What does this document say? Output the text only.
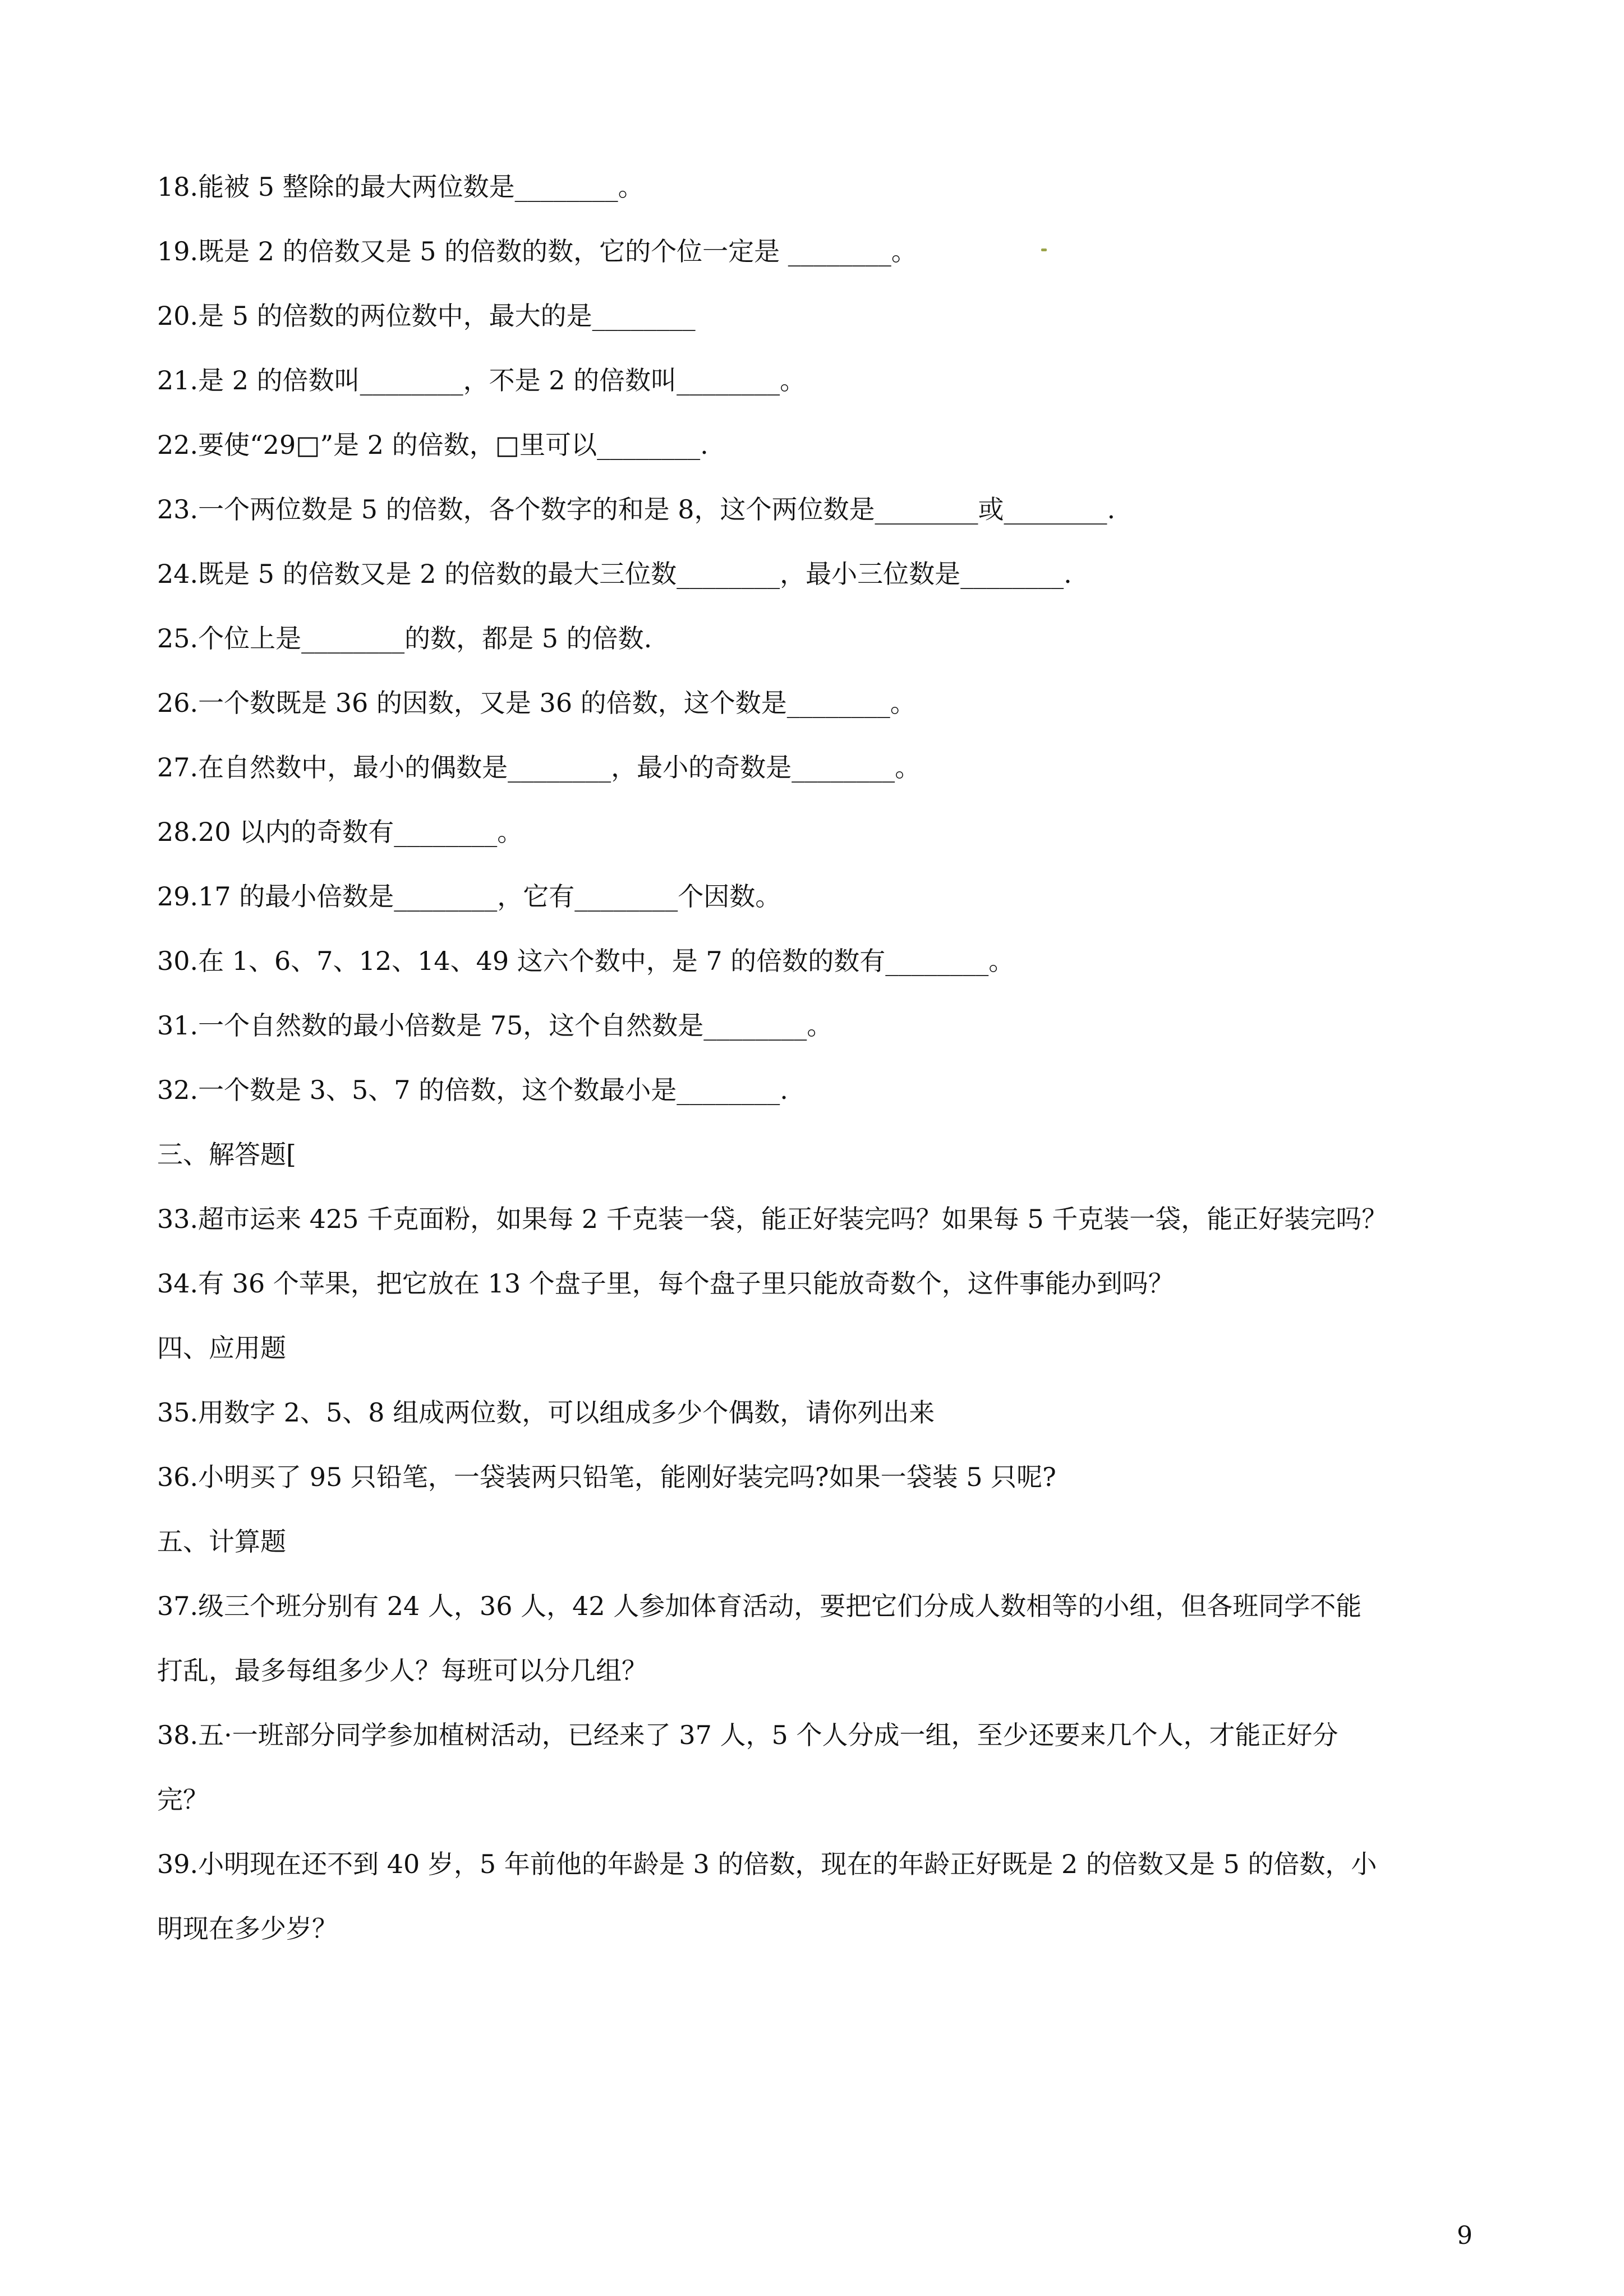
18.能被 5 整除的最大两位数是________。
19.既是 2 的倍数又是 5 的倍数的数，它的个位一定是 ________。
20.是 5 的倍数的两位数中，最大的是________
21.是 2 的倍数叫________，不是 2 的倍数叫________。
22.要使“29□”是 2 的倍数，□里可以________.
23.一个两位数是 5 的倍数，各个数字的和是 8，这个两位数是________或________.
24.既是 5 的倍数又是 2 的倍数的最大三位数________，最小三位数是________.
25.个位上是________的数，都是 5 的倍数.
26.一个数既是 36 的因数，又是 36 的倍数，这个数是________。
27.在自然数中，最小的偶数是________，最小的奇数是________。
28.20 以内的奇数有________。
29.17 的最小倍数是________，它有________个因数。
30.在 1、6、7、12、14、49 这六个数中，是 7 的倍数的数有________。
31.一个自然数的最小倍数是 75，这个自然数是________。
32.一个数是 3、5、7 的倍数，这个数最小是________.
三、解答题[
33.超市运来 425 千克面粉，如果每 2 千克装一袋，能正好装完吗？如果每 5 千克装一袋，能正好装完吗？
34.有 36 个苹果，把它放在 13 个盘子里，每个盘子里只能放奇数个，这件事能办到吗？
四、应用题
35.用数字 2、5、8 组成两位数，可以组成多少个偶数，请你列出来
36.小明买了 95 只铅笔，一袋装两只铅笔，能刚好装完吗?如果一袋装 5 只呢?
五、计算题
37.级三个班分别有 24 人，36 人，42 人参加体育活动，要把它们分成人数相等的小组，但各班同学不能
打乱，最多每组多少人？每班可以分几组？
38.五·一班部分同学参加植树活动，已经来了 37 人，5 个人分成一组，至少还要来几个人，才能正好分
完？
39.小明现在还不到 40 岁，5 年前他的年龄是 3 的倍数，现在的年龄正好既是 2 的倍数又是 5 的倍数，小
明现在多少岁？
9
